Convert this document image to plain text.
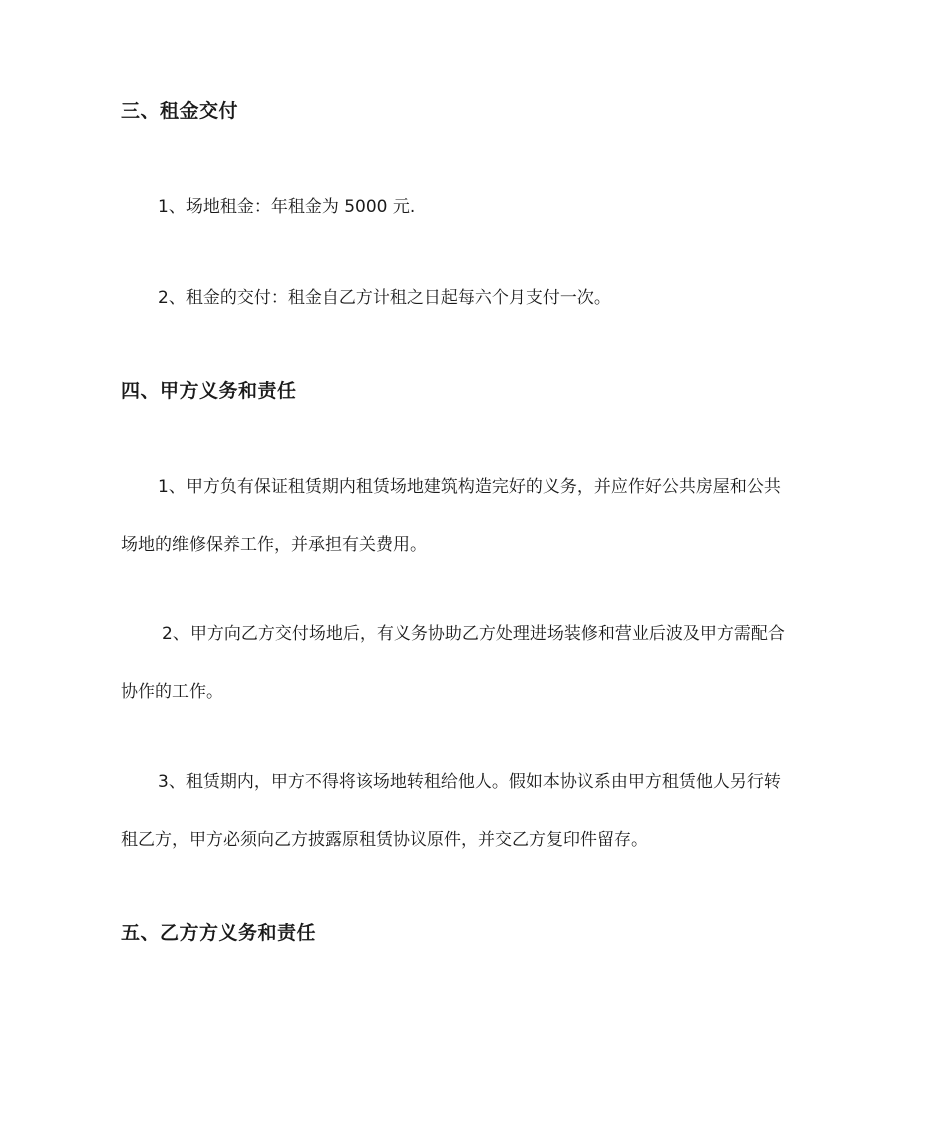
三、租金交付
1、场地租金：年租金为 5000 元.
2、租金的交付：租金自乙方计租之日起每六个月支付一次。
四、甲方义务和责任
1、甲方负有保证租赁期内租赁场地建筑构造完好的义务，并应作好公共房屋和公共
场地的维修保养工作，并承担有关费用。
2、甲方向乙方交付场地后，有义务协助乙方处理进场装修和营业后波及甲方需配合
协作的工作。
3、租赁期内，甲方不得将该场地转租给他人。假如本协议系由甲方租赁他人另行转
租乙方，甲方必须向乙方披露原租赁协议原件，并交乙方复印件留存。
五、乙方方义务和责任
